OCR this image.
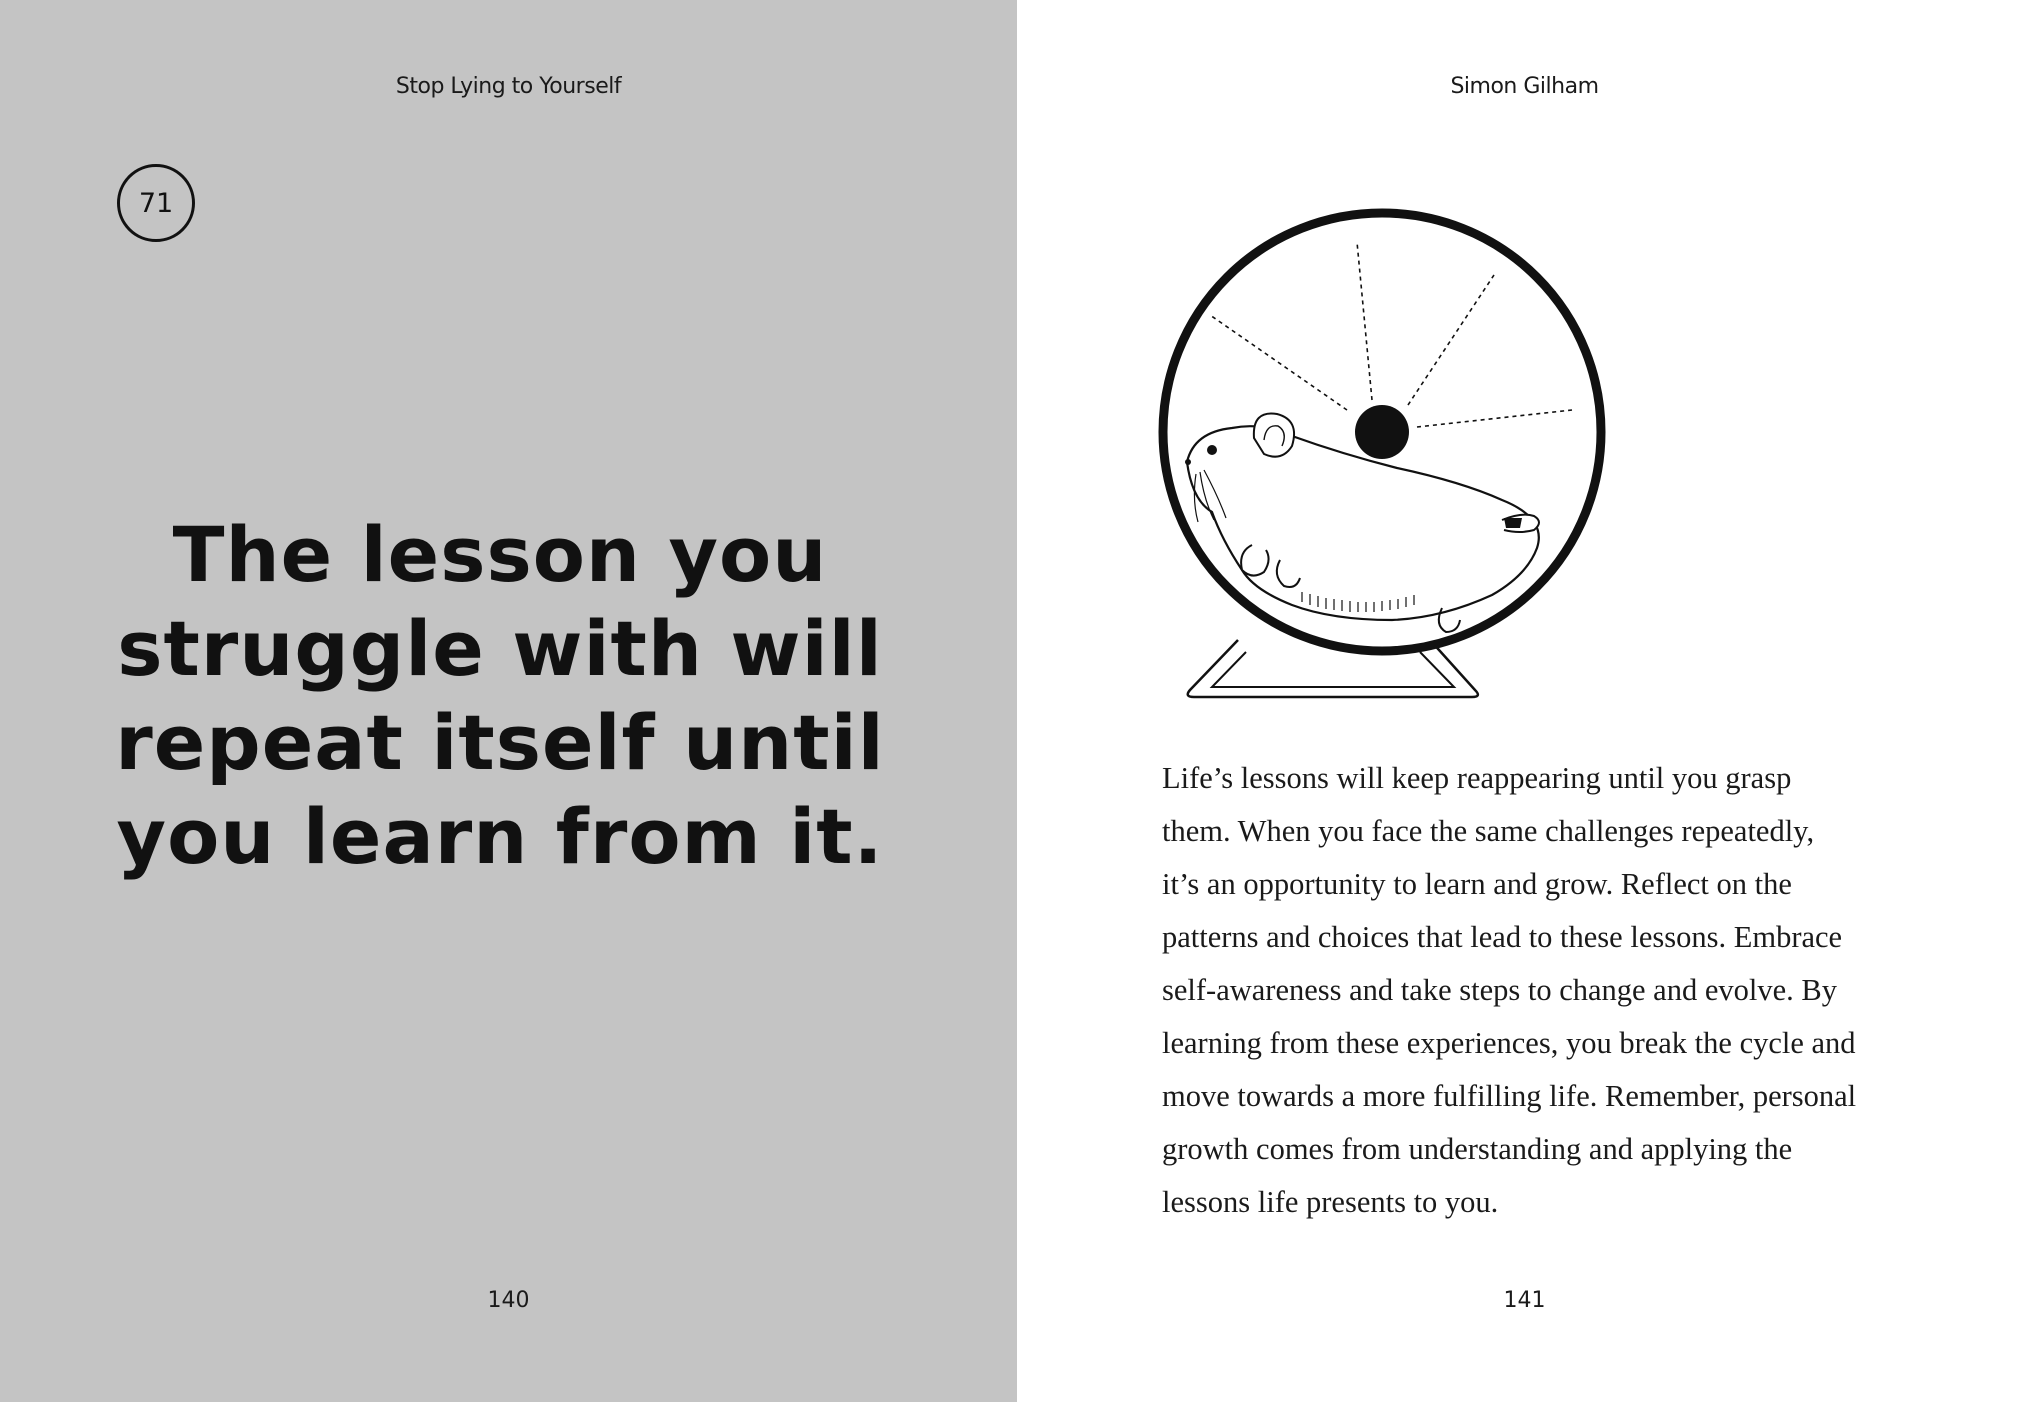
Stop Lying to Yourself
71
The lesson you
struggle with will
repeat itself until
you learn from it.
140
Simon Gilham
Life’s lessons will keep reappearing until you grasp
them. When you face the same challenges repeatedly,
it’s an opportunity to learn and grow. Reflect on the
patterns and choices that lead to these lessons. Embrace
self-awareness and take steps to change and evolve. By
learning from these experiences, you break the cycle and
move towards a more fulfilling life. Remember, personal
growth comes from understanding and applying the
lessons life presents to you.
141
